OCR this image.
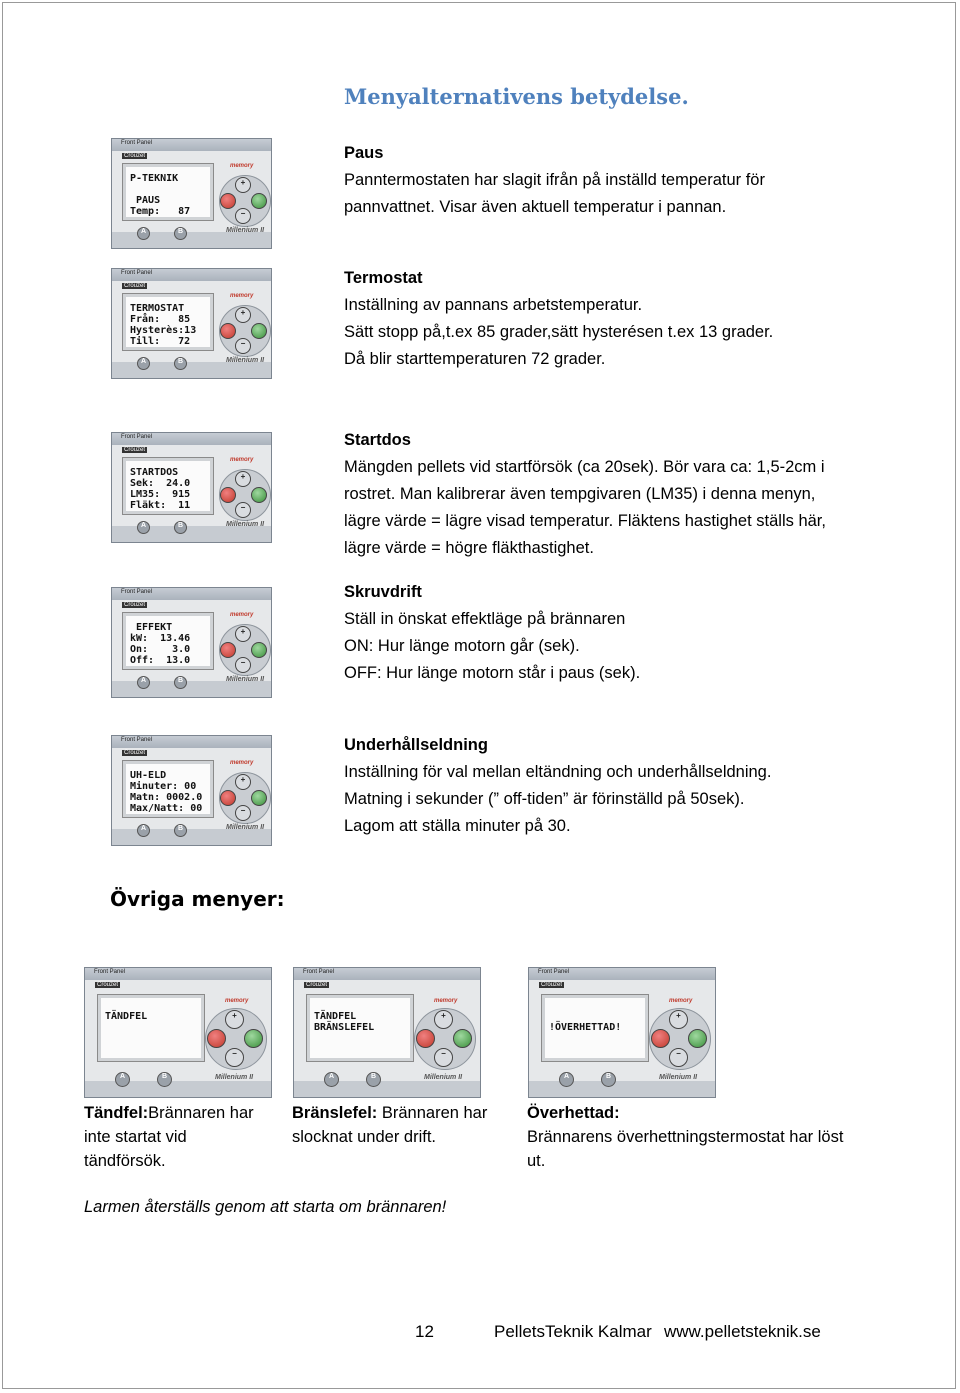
Menyalternativens betydelse.
Paus
Panntermostaten har slagit ifrån på inställd temperatur för
pannvattnet. Visar även aktuell temperatur i pannan.
Termostat
Inställning av pannans arbetstemperatur.
Sätt stopp på,t.ex 85 grader,sätt hysterésen t.ex 13 grader.
Då blir starttemperaturen 72 grader.
Startdos
Mängden pellets vid startförsök (ca 20sek). Bör vara ca: 1,5-2cm i
rostret. Man kalibrerar även tempgivaren (LM35) i denna menyn,
lägre värde = lägre visad temperatur. Fläktens hastighet ställs här,
lägre värde = högre fläkthastighet.
Skruvdrift
Ställ in önskat effektläge på brännaren
ON: Hur länge motorn går (sek).
OFF: Hur länge motorn står i paus (sek).
Underhållseldning
Inställning för val mellan eltändning och underhållseldning.
Matning i sekunder (” off-tiden” är förinställd på 50sek).
Lagom att ställa minuter på 30.
Front Panel
Crouzet
P-TEKNIK
PAUS
Temp:   87
memory
+
−
A	B	Millenium II
Front Panel
Crouzet
TERMOSTAT
Från:   85
Hysterès:13
Till:   72
memory
+
−
A	B	Millenium II
Front Panel
Crouzet
STARTDOS
Sek:  24.0
LM35:  915
Fläkt:  11
memory
+
−
A	B	Millenium II
Front Panel
Crouzet
EFFEKT
kW:  13.46
On:    3.0
Off:  13.0
memory
+
−
A	B	Millenium II
Front Panel
Crouzet
UH-ELD
Minuter: 00
Matn: 0002.0
Max/Natt: 00
memory
+
−
A	B	Millenium II
Övriga menyer:
Front Panel
Crouzet
TÄNDFEL
memory
+
−
A	B	Millenium II
Front Panel
Crouzet
TÄNDFEL
BRÄNSLEFEL
memory
+
−
A	B	Millenium II
Front Panel
Crouzet
!ÖVERHETTAD!
memory
+
−
A	B	Millenium II
Tändfel:Brännaren har
inte startat vid
tändförsök.
Bränslefel: Brännaren har
slocknat under drift.
Överhettad:
Brännarens överhettningstermostat har löst
ut.
Larmen återställs genom att starta om brännaren!
12	PelletsTeknik Kalmar www.pelletsteknik.se
